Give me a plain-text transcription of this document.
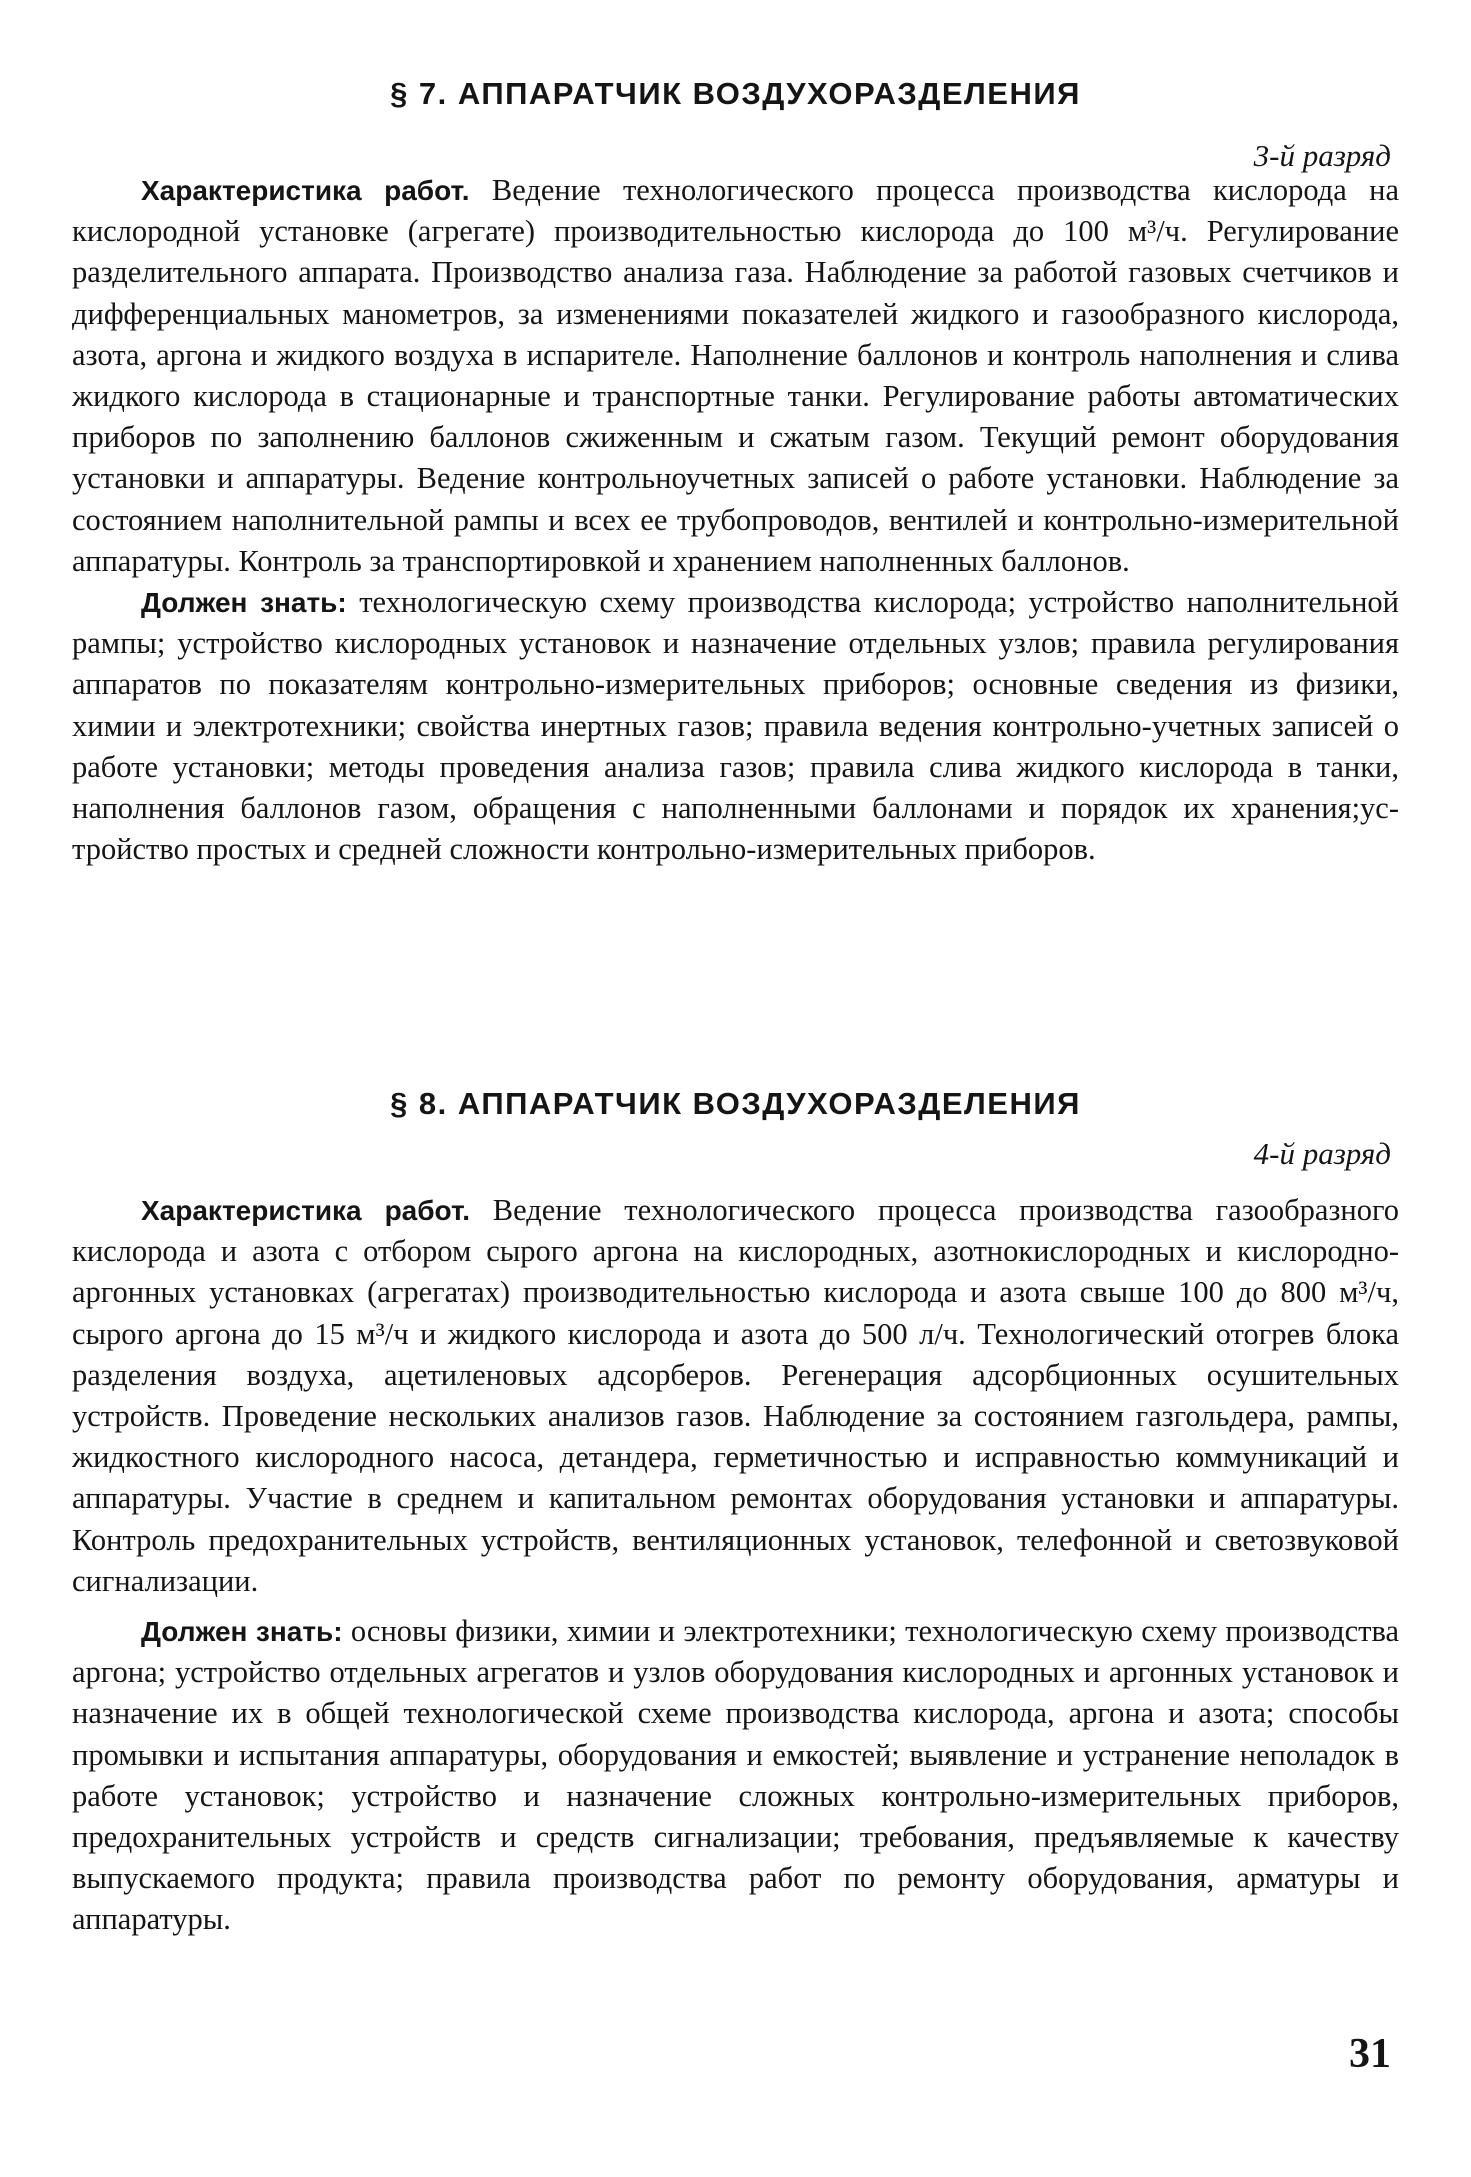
§ 7. АППАРАТЧИК ВОЗДУХОРАЗДЕЛЕНИЯ
3-й разряд

Характеристика работ. Ведение технологического процесса производства кислорода на кислородной установке (агрегате) производительностью кислорода до 100 м³/ч. Регулирование разделительного аппарата. Производство анализа газа. Наблюдение за работой газовых счетчиков и дифференциальных манометров, за изменениями показателей жидкого и газообразного кислорода, азота, аргона и жидкого воздуха в испарителе. Наполнение баллонов и контроль наполнения и слива жидкого кислорода в стационарные и транспортные танки. Регулирование работы автоматических приборов по заполнению баллонов сжиженным и сжатым газом. Текущий ремонт оборудования установки и аппаратуры. Ведение контрольноучетных записей о работе установки. Наблюдение за состоянием наполнительной рампы и всех ее трубопроводов, вентилей и контрольно-измерительной аппаратуры. Контроль за транспортировкой и хранением наполненных баллонов.

Должен знать: технологическую схему производства кислорода; устройство наполнительной рампы; устройство кислородных установок и назначение отдельных узлов; правила регулирования аппаратов по показателям контрольно-измерительных приборов; основные сведения из физики, химии и электротехники; свойства инертных газов; правила ведения контрольно-учетных записей о работе установки; методы проведения анализа газов; правила слива жидкого кислорода в танки, наполнения баллонов газом, обращения с наполненными баллонами и порядок их хранения;устройство простых и средней сложности контрольно-измерительных приборов.

§ 8. АППАРАТЧИК ВОЗДУХОРАЗДЕЛЕНИЯ
4-й разряд

Характеристика работ. Ведение технологического процесса производства газообразного кислорода и азота с отбором сырого аргона на кислородных, азотнокислородных и кислородно-аргонных установках (агрегатах) производительностью кислорода и азота свыше 100 до 800 м³/ч, сырого аргона до 15 м³/ч и жидкого кислорода и азота до 500 л/ч. Технологический отогрев блока разделения воздуха, ацетиленовых адсорберов. Регенерация адсорбционных осушительных устройств. Проведение нескольких анализов газов. Наблюдение за состоянием газгольдера, рампы, жидкостного кислородного насоса, детандера, герметичностью и исправностью коммуникаций и аппаратуры. Участие в среднем и капитальном ремонтах оборудования установки и аппаратуры. Контроль предохранительных устройств, вентиляционных установок, телефонной и светозвуковой сигнализации.

Должен знать: основы физики, химии и электротехники; технологическую схему производства аргона; устройство отдельных агрегатов и узлов оборудования кислородных и аргонных установок и назначение их в общей технологической схеме производства кислорода, аргона и азота; способы промывки и испытания аппаратуры, оборудования и емкостей; выявление и устранение неполадок в работе установок; устройство и назначение сложных контрольно-измерительных приборов, предохранительных устройств и средств сигнализации; требования, предъявляемые к качеству выпускаемого продукта; правила производства работ по ремонту оборудования, арматуры и аппаратуры.

31
